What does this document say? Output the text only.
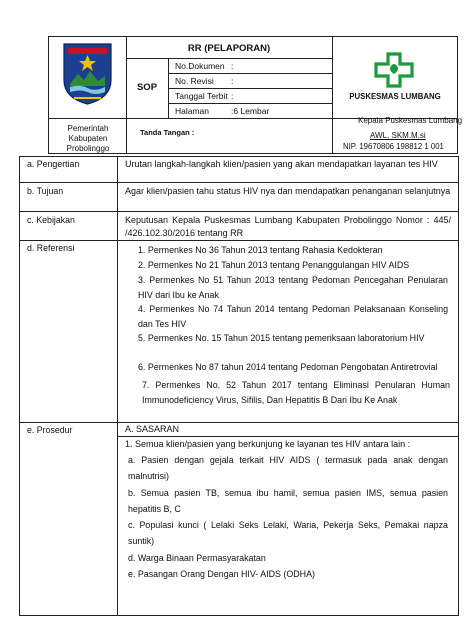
RR (PELAPORAN)
SOP
No.Dokumen :
No. Revisi :
Tanggal Terbit :
Halaman	:6 Lembar
PUSKESMAS LUMBANG
Pemerintah Kabupaten Probolinggo
Tanda Tangan :
Kepala Puskesmas Lumbang
AWL, SKM.M.si
NIP. 19670806 198812 1 001
a. Pengertian	Urutan langkah-langkah klien/pasien yang akan mendapatkan layanan tes HIV
b. Tujuan	Agar klien/pasien tahu status HIV nya dan mendapatkan penanganan selanjutnya
c. Kebijakan	Keputusan Kepala Puskesmas Lumbang Kabupaten Probolinggo Nomor : 445/ /426.102.30/2016 tentang RR
d. Referensi	1. Permenkes No 36 Tahun 2013 tentang Rahasia Kedokteran
2. Permenkes No 21 Tahun 2013 tentang Penanggulangan HIV AIDS
3. Permenkes No 51 Tahun 2013 tentang Pedoman Pencegahan Penularan HIV dari Ibu ke Anak
4. Permenkes No 74 Tahun 2014 tentang Pedoman Pelaksanaan Konseling dan Tes HIV
5. Permenkes No. 15 Tahun 2015 tentang pemeriksaan laboratorium HIV
6. Permenkes No 87 tahun 2014 tentang Pedoman Pengobatan Antiretrovial
7. Permenkes No. 52 Tahun 2017 tentang Eliminasi Penularan Human Immunodeficiency Virus, Sifilis, Dan Hepatitis B Dari Ibu Ke Anak
e. Prosedur	A. SASARAN
1. Semua klien/pasien yang berkunjung ke layanan tes HIV antara lain :
a. Pasien dengan gejala terkait HIV AIDS ( termasuk pada anak dengan malnutrisi)
b. Semua pasien TB, semua ibu hamil, semua pasien IMS, semua pasien hepatitis B, C
c. Populasi kunci ( Lelaki Seks Lelaki, Waria, Pekerja Seks, Pemakai napza suntik)
d. Warga Binaan Permasyarakatan
e. Pasangan Orang Dengan HIV- AIDS (ODHA)
